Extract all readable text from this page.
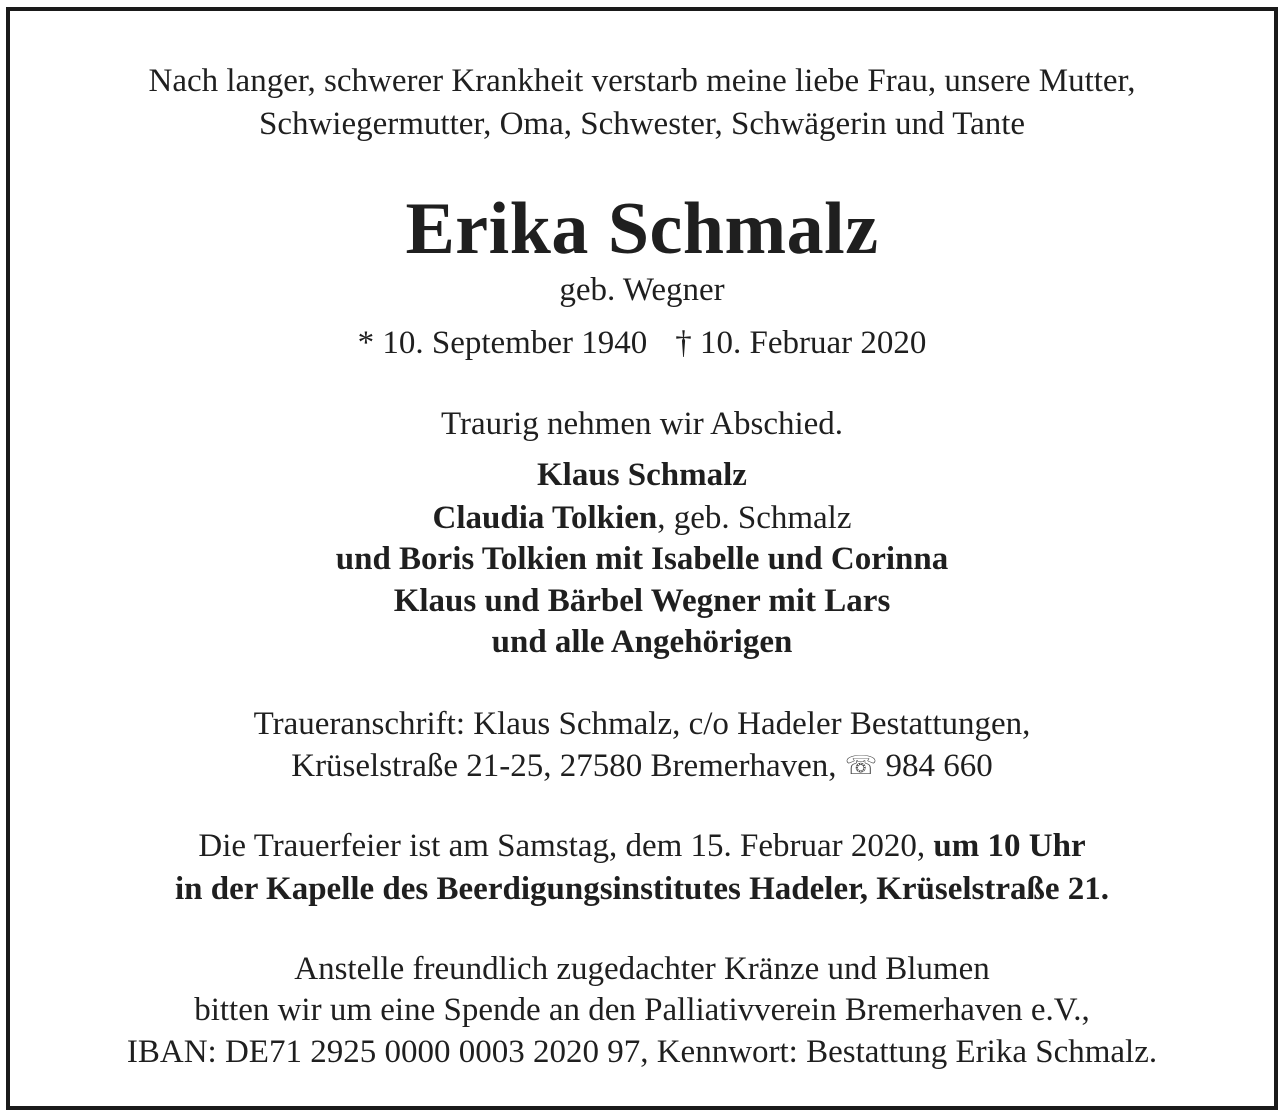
Nach langer, schwerer Krankheit verstarb meine liebe Frau, unsere Mutter,
Schwiegermutter, Oma, Schwester, Schwägerin und Tante
Erika Schmalz
geb. Wegner
* 10. September 1940 † 10. Februar 2020
Traurig nehmen wir Abschied.
Klaus Schmalz
Claudia Tolkien, geb. Schmalz
und Boris Tolkien mit Isabelle und Corinna
Klaus und Bärbel Wegner mit Lars
und alle Angehörigen
Traueranschrift: Klaus Schmalz, c/o Hadeler Bestattungen,
Krüselstraße 21-25, 27580 Bremerhaven, ☏ 984 660
Die Trauerfeier ist am Samstag, dem 15. Februar 2020, um 10 Uhr
in der Kapelle des Beerdigungsinstitutes Hadeler, Krüselstraße 21.
Anstelle freundlich zugedachter Kränze und Blumen
bitten wir um eine Spende an den Palliativverein Bremerhaven e.V.,
IBAN: DE71 2925 0000 0003 2020 97, Kennwort: Bestattung Erika Schmalz.
